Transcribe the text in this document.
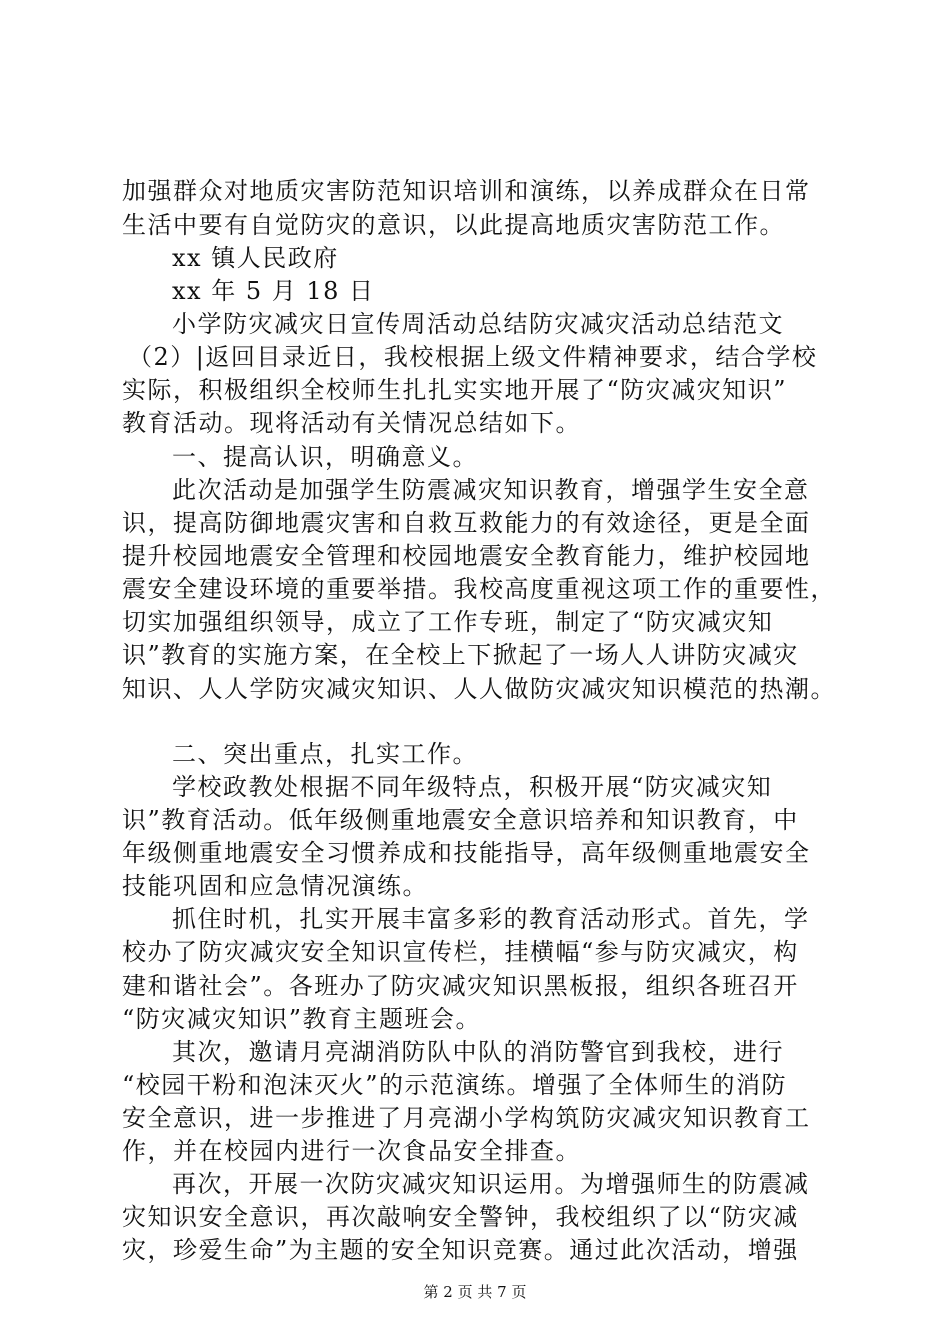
加强群众对地质灾害防范知识培训和演练，以养成群众在日常
生活中要有自觉防灾的意识，以此提高地质灾害防范工作。
xx 镇人民政府
xx 年 5 月 18 日
小学防灾减灾日宣传周活动总结防灾减灾活动总结范文
（2）|返回目录近日，我校根据上级文件精神要求，结合学校
实际，积极组织全校师生扎扎实实地开展了“防灾减灾知识”
教育活动。现将活动有关情况总结如下。
一、提高认识，明确意义。
此次活动是加强学生防震减灾知识教育，增强学生安全意
识，提高防御地震灾害和自救互救能力的有效途径，更是全面
提升校园地震安全管理和校园地震安全教育能力，维护校园地
震安全建设环境的重要举措。我校高度重视这项工作的重要性，
切实加强组织领导，成立了工作专班，制定了“防灾减灾知
识”教育的实施方案，在全校上下掀起了一场人人讲防灾减灾
知识、人人学防灾减灾知识、人人做防灾减灾知识模范的热潮。
二、突出重点，扎实工作。
学校政教处根据不同年级特点，积极开展“防灾减灾知
识”教育活动。低年级侧重地震安全意识培养和知识教育，中
年级侧重地震安全习惯养成和技能指导，高年级侧重地震安全
技能巩固和应急情况演练。
抓住时机，扎实开展丰富多彩的教育活动形式。首先，学
校办了防灾减灾安全知识宣传栏，挂横幅“参与防灾减灾，构
建和谐社会”。各班办了防灾减灾知识黑板报，组织各班召开
“防灾减灾知识”教育主题班会。
其次，邀请月亮湖消防队中队的消防警官到我校，进行
“校园干粉和泡沫灭火”的示范演练。增强了全体师生的消防
安全意识，进一步推进了月亮湖小学构筑防灾减灾知识教育工
作，并在校园内进行一次食品安全排查。
再次，开展一次防灾减灾知识运用。为增强师生的防震减
灾知识安全意识，再次敲响安全警钟，我校组织了以“防灾减
灾，珍爱生命”为主题的安全知识竞赛。通过此次活动，增强
第 2 页 共 7 页
